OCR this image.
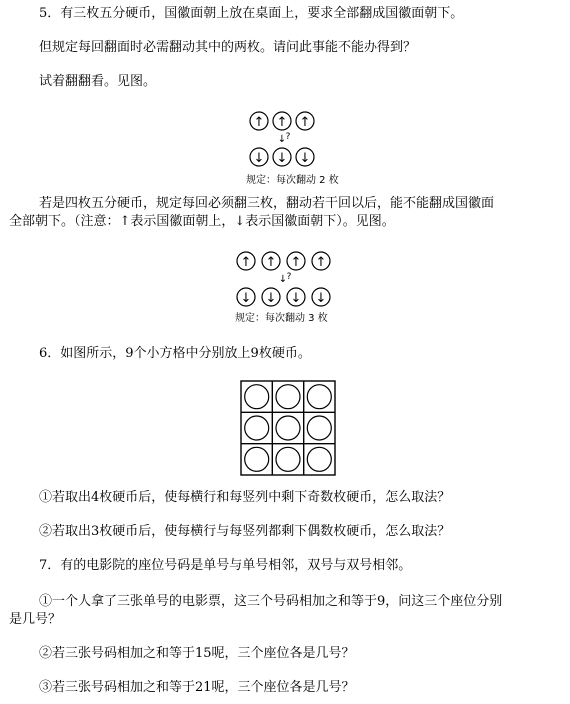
5．有三枚五分硬币，国徽面朝上放在桌面上，要求全部翻成国徽面朝下。
但规定每回翻面时必需翻动其中的两枚。请问此事能不能办得到？
试着翻翻看。见图。
↑ ↑ ↑
↓ ↓ ↓
↓ ?
规定：每次翻动 2 枚
若是四枚五分硬币，规定每回必须翻三枚，翻动若干回以后，能不能翻成国徽面
全部朝下。（注意：↑表示国徽面朝上，↓表示国徽面朝下）。见图。
↑ ↑ ↑ ↑
↓ ↓ ↓ ↓
↓ ?
规定：每次翻动 3 枚
6．如图所示，9个小方格中分别放上9枚硬币。
①若取出4枚硬币后，使每横行和每竖列中剩下奇数枚硬币，怎么取法？
②若取出3枚硬币后，使每横行与每竖列都剩下偶数枚硬币，怎么取法？
7．有的电影院的座位号码是单号与单号相邻，双号与双号相邻。
①一个人拿了三张单号的电影票，这三个号码相加之和等于9，问这三个座位分别
是几号？
②若三张号码相加之和等于15呢，三个座位各是几号？
③若三张号码相加之和等于21呢，三个座位各是几号？
